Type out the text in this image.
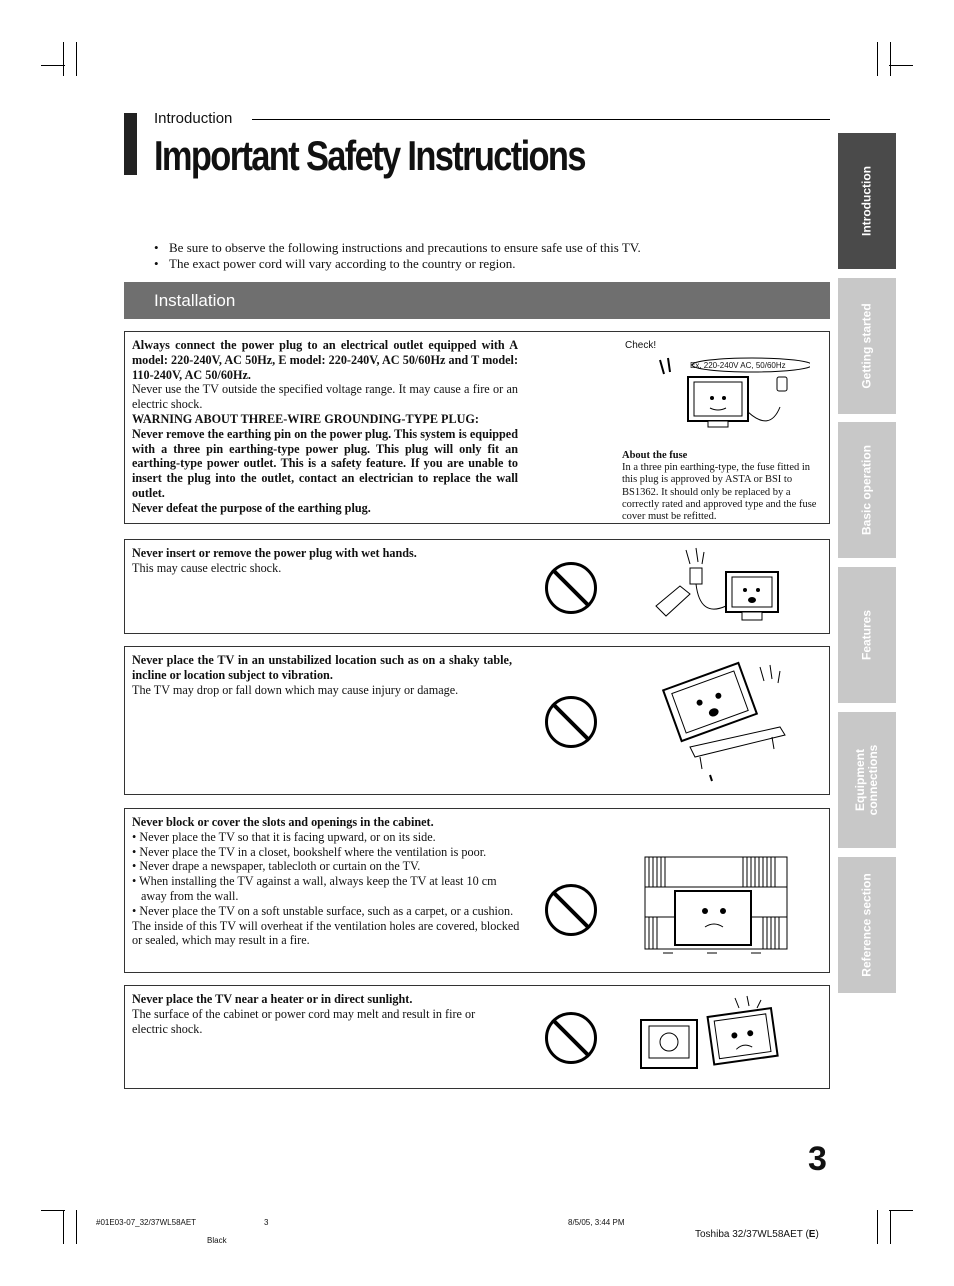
Introduction
Important Safety Instructions
• Be sure to observe the following instructions and precautions to ensure safe use of this TV.
• The exact power cord will vary according to the country or region.
Installation

Always connect the power plug to an electrical outlet equipped with A model: 220-240V, AC 50Hz, E model: 220-240V, AC 50/60Hz and T model: 110-240V, AC 50/60Hz.

Never use the TV outside the specified voltage range. It may cause a fire or an electric shock.

WARNING ABOUT THREE-WIRE GROUNDING-TYPE PLUG:

Never remove the earthing pin on the power plug. This system is equipped with a three pin earthing-type power plug. This plug will only fit an earthing-type power outlet. This is a safety feature. If you are unable to insert the plug into the outlet, contact an electrician to replace the wall outlet.

Never defeat the purpose of the earthing plug.

Check!
Ex. 220-240V AC, 50/60Hz
About the fuse
In a three pin earthing-type, the fuse fitted in this plug is approved by ASTA or BSI to BS1362. It should only be replaced by a correctly rated and approved type and the fuse cover must be refitted.

Never insert or remove the power plug with wet hands.

This may cause electric shock.

Never place the TV in an unstabilized location such as on a shaky table, incline or location subject to vibration.

The TV may drop or fall down which may cause injury or damage.

Never block or cover the slots and openings in the cabinet.

• Never place the TV so that it is facing upward, or on its side.

• Never place the TV in a closet, bookshelf where the ventilation is poor.

• Never drape a newspaper, tablecloth or curtain on the TV.

• When installing the TV against a wall, always keep the TV at least 10 cm away from the wall.

• Never place the TV on a soft unstable surface, such as a carpet, or a cushion.

The inside of this TV will overheat if the ventilation holes are covered, blocked or sealed, which may result in a fire.

Never place the TV near a heater or in direct sunlight.

The surface of the cabinet or power cord may melt and result in fire or electric shock.

Introduction
Getting started
Basic operation
Features
Equipment connections
Reference section
3
#01E03-07_32/37WL58AET	3	8/5/05, 3:44 PM
Black
Toshiba 32/37WL58AET (E)
